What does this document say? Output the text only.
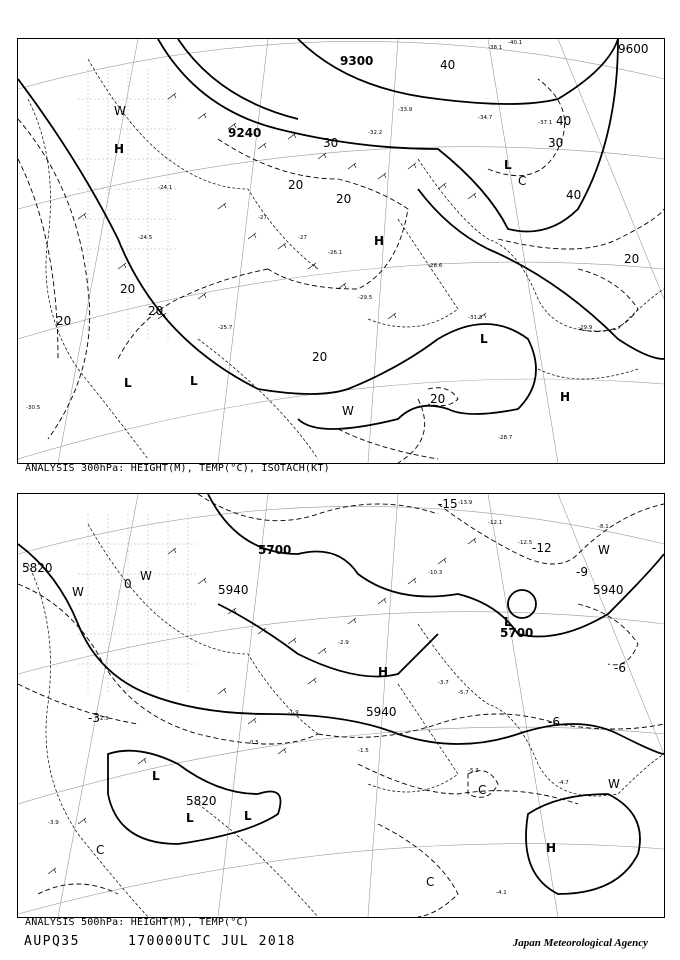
-33.9
-32.2
-31.3
-28.7
-28.6
-29.5
-27
-27
-26.1
-25.7
-24.5
-24.1
-29.9
-30.5
-37.1
-34.7
-38.1
-40.1
9300
9240
9600
40
40
30
30
20
20
20
20
20
20
40
20
20
H
L
L	L
H
L
W
W
C
H
ANALYSIS 300hPa: HEIGHT(M), TEMP(°C), ISOTACH(KT)
-13.9
-12.1
-12.5
-8.1
-10.3
-5.7
-3.7
-1.5
-2.9
-4.7
-4.1
-5.3
-0.5
-2.5
-1.9
-3.9
5700
5820
5940
5820
5940
5940
5700
-15
-12
-9
-6
-6
0
-3
L
L	L
L
H
H
C
C
C
W
W
W
W
ANALYSIS 500hPa: HEIGHT(M), TEMP(°C)
AUPQ35	170000UTC JUL 2018	Japan Meteorological Agency
